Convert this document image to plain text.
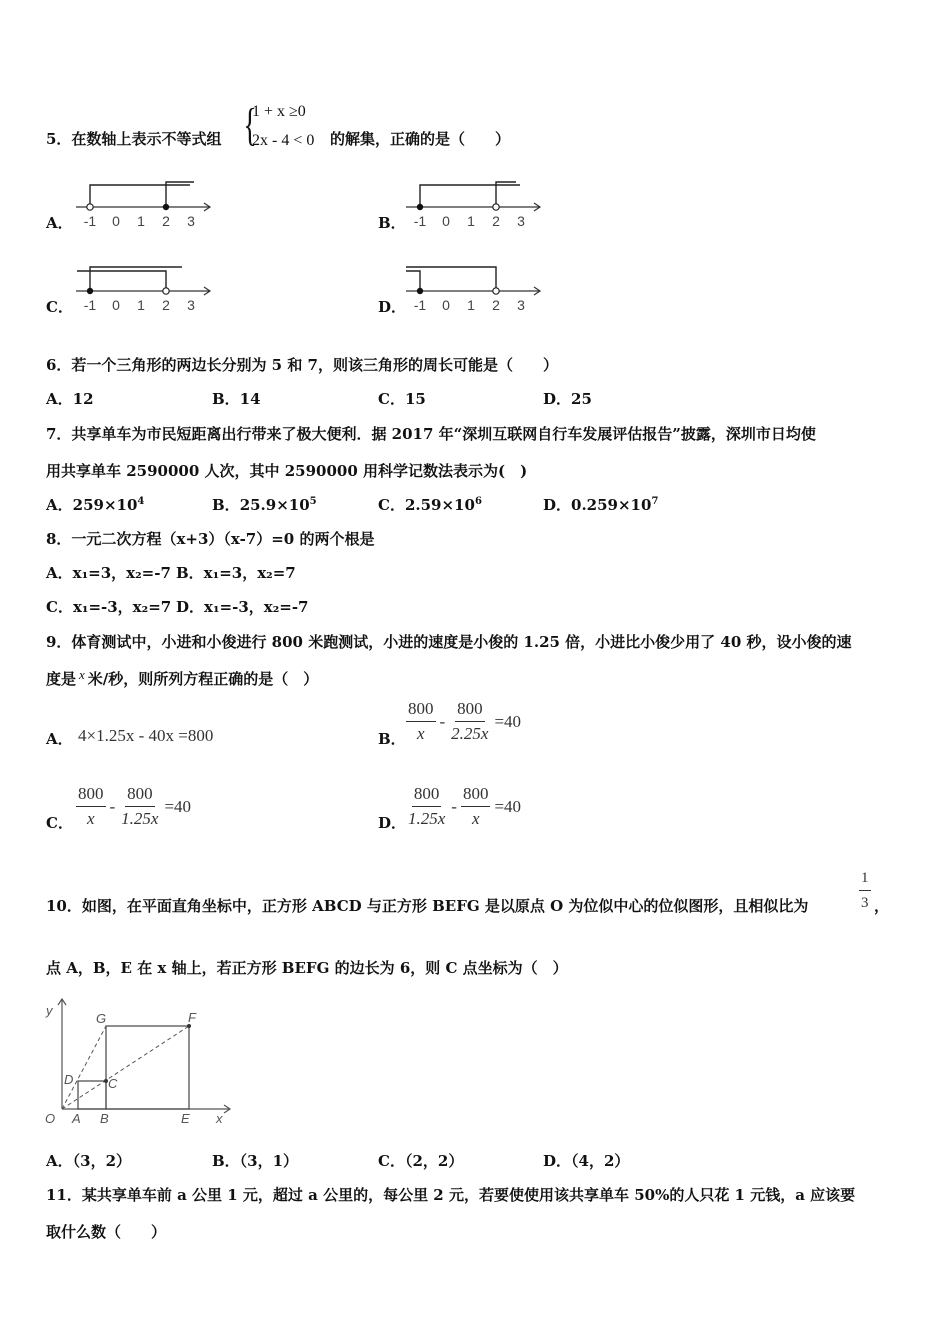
5．在数轴上表示不等式组 {
1 + x ≥0
2x - 4 < 0 的解集，正确的是（　　）
A． -1 0 1 2 3	B． -1 0 1 2 3
C． -1 0 1 2 3	D． -1 0 1 2 3
6．若一个三角形的两边长分别为 5 和 7，则该三角形的周长可能是（　　）
A．12	B．14	C．15	D．25
7．共享单车为市民短距离出行带来了极大便利．据 2017 年“深圳互联网自行车发展评估报告”披露，深圳市日均使
用共享单车 2590000 人次，其中 2590000 用科学记数法表示为(　)
A．$259\times 10^4$	B．$25.9\times 10^5$	C．$2.59\times 10^6$	D．$0.259\times 10^7$
8．一元二次方程（x+3）（x-7）=0 的两个根是
A．x₁=3，x₂=-7 B．x₁=3，x₂=7
C．x₁=-3，x₂=7 D．x₁=-3，x₂=-7
9．体育测试中，小进和小俊进行 800 米跑测试，小进的速度是小俊的 1.25 倍，小进比小俊少用了 40 秒，设小俊的速
度是 x 米/秒，则所列方程正确的是（　）
A． 4×1.25x - 40x =800	B． $\frac{800}{x} - \frac{800}{2.25x} =40$
C． $\frac{800}{x} - \frac{800}{1.25x} =40$
D． $\frac{800}{1.25x} - \frac{800}{x} =40$
10．如图，在平面直角坐标中，正方形 ABCD 与正方形 BEFG 是以原点 O 为位似中心的位似图形，且相似比为	$\frac{1}{3}$ ，
点 A，B，E 在 x 轴上，若正方形 BEFG 的边长为 6，则 C 点坐标为（　）
y
G	F
D	C
O A B	E x
A．（3，2）	B．（3，1）	C．（2，2）	D．（4，2）
11．某共享单车前 a 公里 1 元，超过 a 公里的，每公里 2 元，若要使使用该共享单车 50%的人只花 1 元钱，a 应该要
取什么数（　　）
